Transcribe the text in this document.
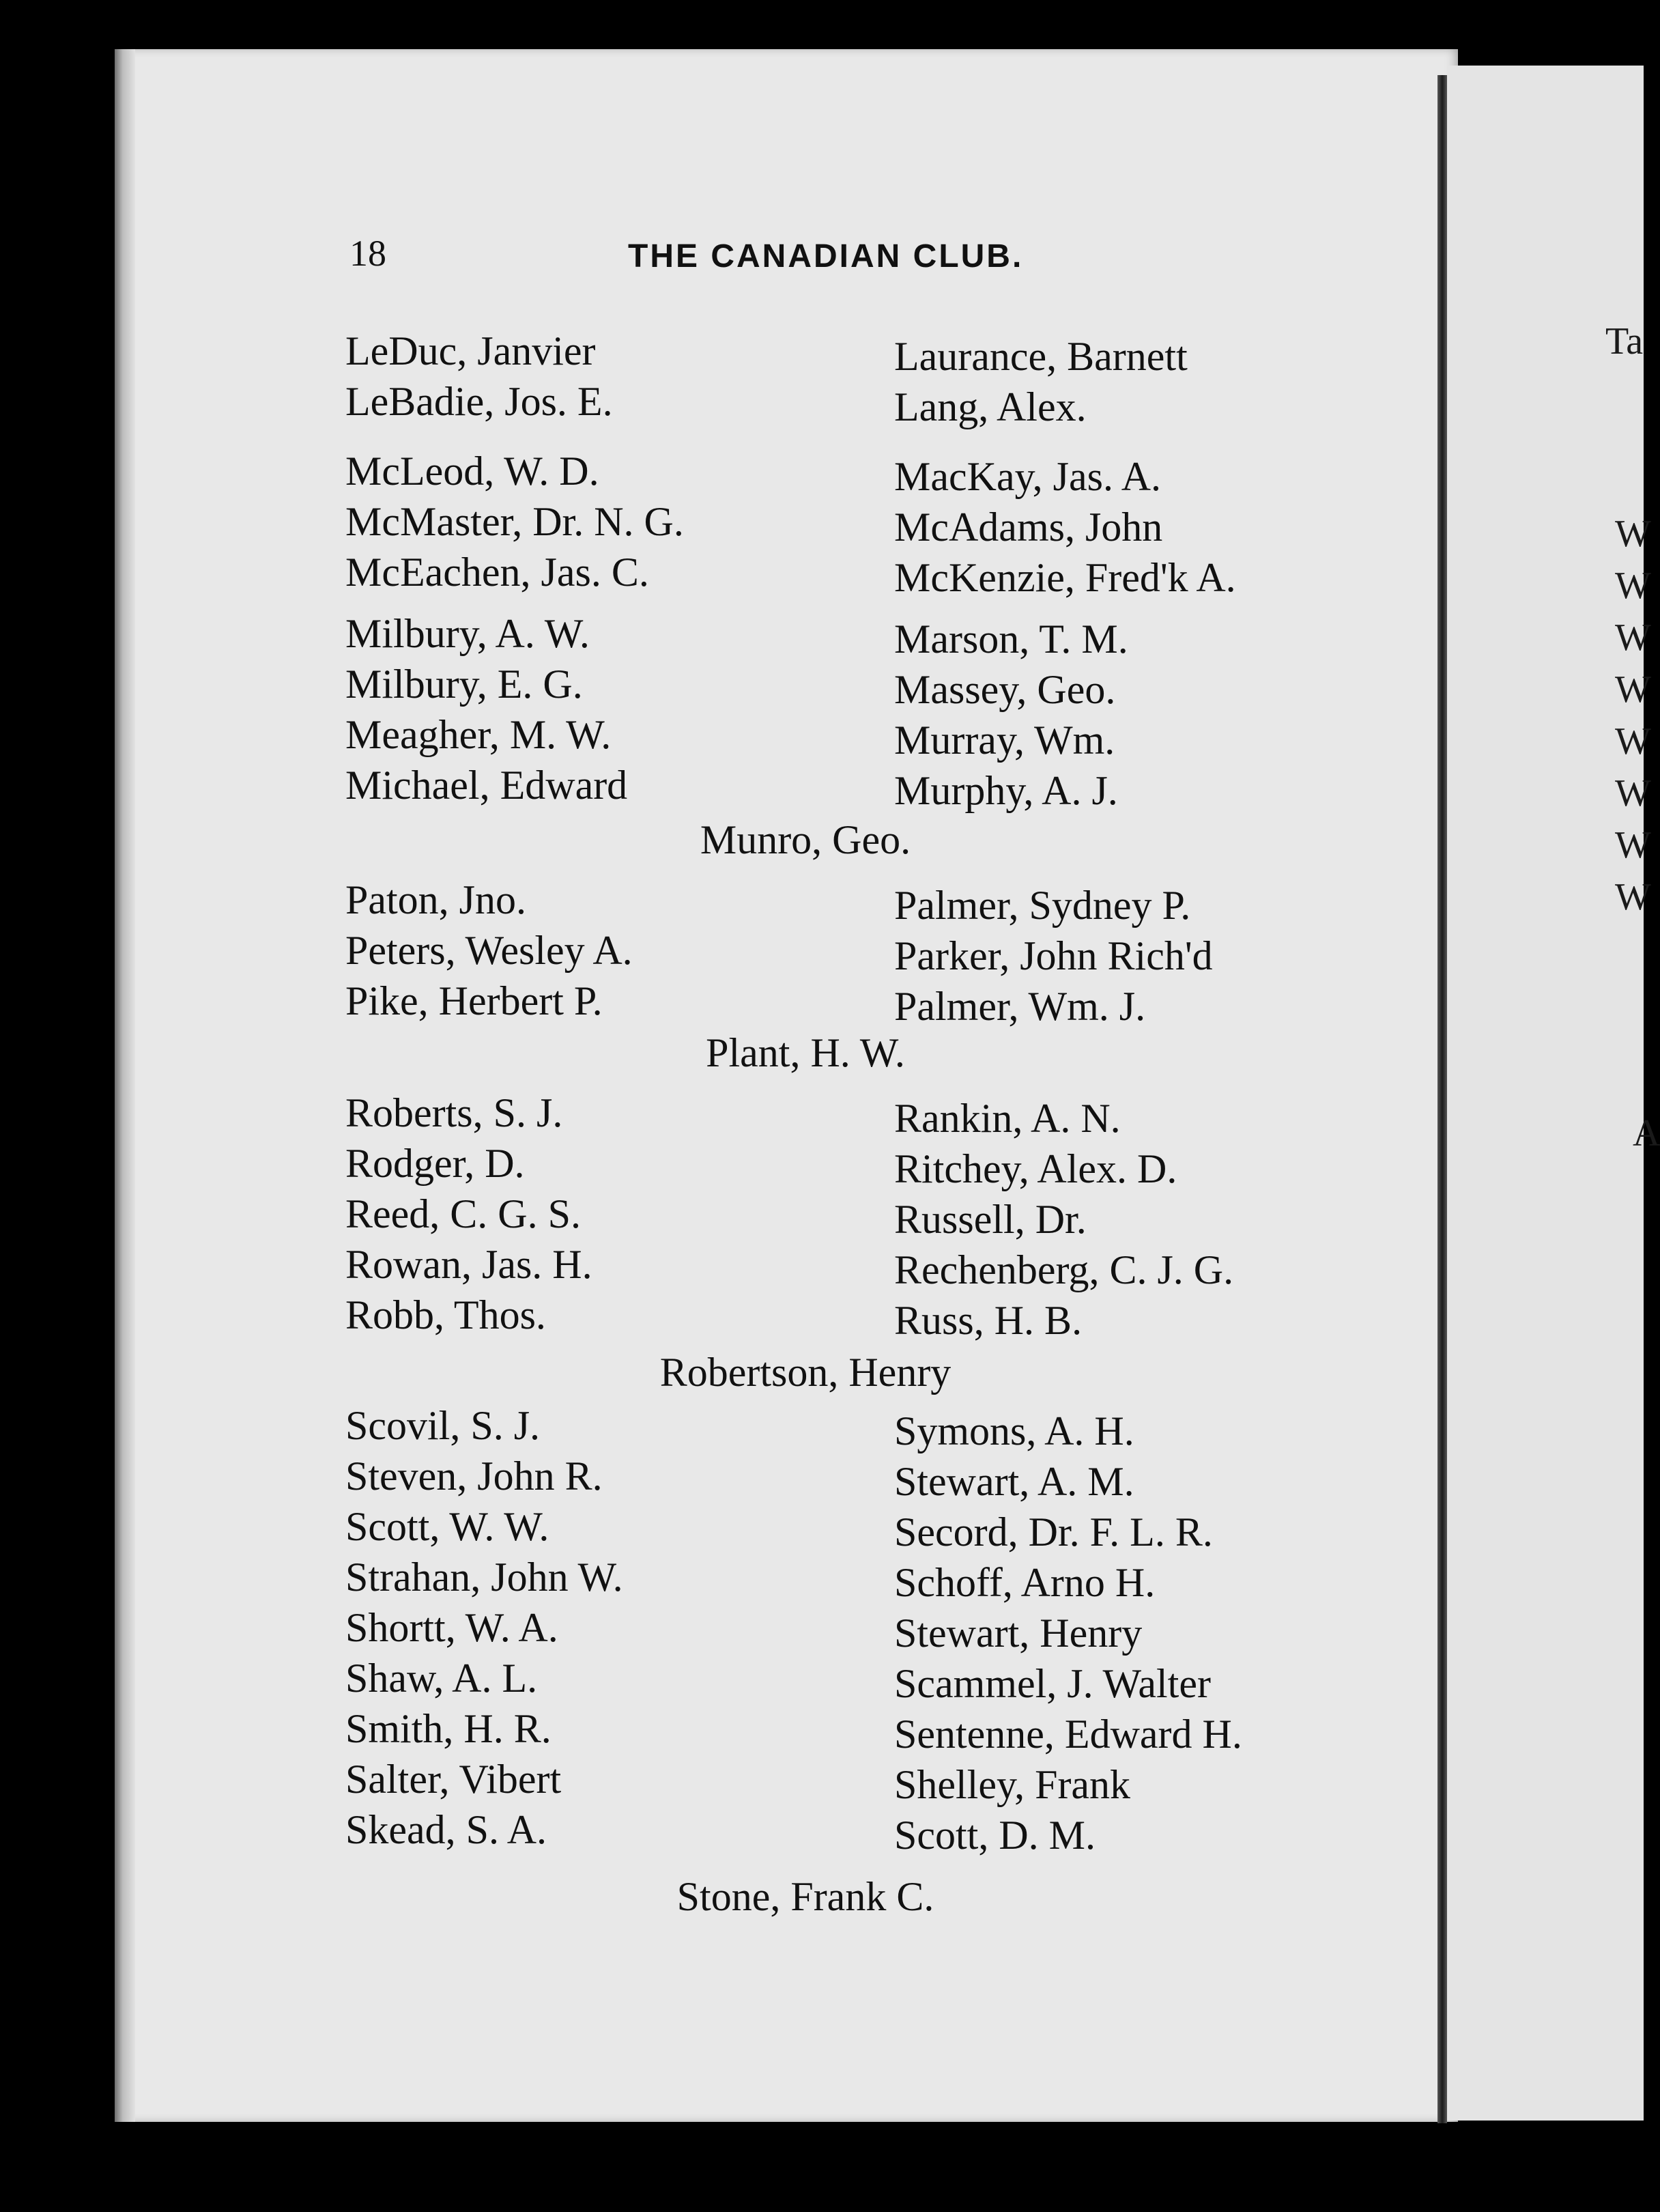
18	THE CANADIAN CLUB.
LeDuc, Janvier
LeBadie, Jos. E.
Laurance, Barnett
Lang, Alex.
McLeod, W. D.
McMaster, Dr. N. G.
McEachen, Jas. C.
MacKay, Jas. A.
McAdams, John
McKenzie, Fred'k A.
Milbury, A. W.
Milbury, E. G.
Meagher, M. W.
Michael, Edward
Marson, T. M.
Massey, Geo.
Murray, Wm.
Murphy, A. J.
Munro, Geo.
Paton, Jno.
Peters, Wesley A.
Pike, Herbert P.
Palmer, Sydney P.
Parker, John Rich'd
Palmer, Wm. J.
Plant, H. W.
Roberts, S. J.
Rodger, D.
Reed, C. G. S.
Rowan, Jas. H.
Robb, Thos.
Rankin, A. N.
Ritchey, Alex. D.
Russell, Dr.
Rechenberg, C. J. G.
Russ, H. B.
Robertson, Henry
Scovil, S. J.
Steven, John R.
Scott, W. W.
Strahan, John W.
Shortt, W. A.
Shaw, A. L.
Smith, H. R.
Salter, Vibert
Skead, S. A.
Symons, A. H.
Stewart, A. M.
Secord, Dr. F. L. R.
Schoff, Arno H.
Stewart, Henry
Scammel, J. Walter
Sentenne, Edward H.
Shelley, Frank
Scott, D. M.
Stone, Frank C.
Ta
W
W
W
W
W
W
W
W
A
